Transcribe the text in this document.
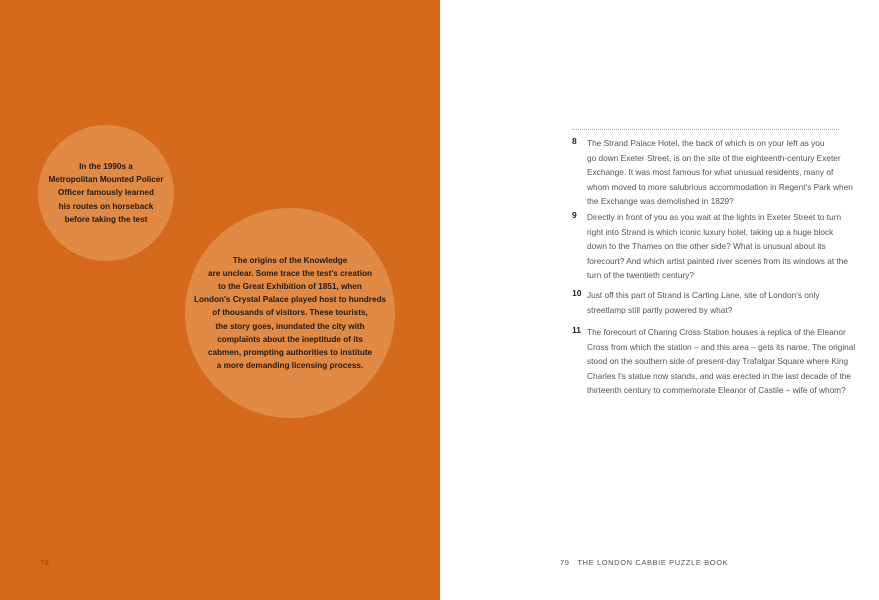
In the 1990s a
Metropolitan Mounted Policer
Officer famously learned
his routes on horseback
before taking the test
The origins of the Knowledge
are unclear. Some trace the test's creation
to the Great Exhibition of 1851, when
London's Crystal Palace played host to hundreds
of thousands of visitors. These tourists,
the story goes, inundated the city with
complaints about the ineptitude of its
cabmen, prompting authorities to institute
a more demanding licensing process.
78
8 The Strand Palace Hotel, the back of which is on your left as you
go down Exeter Street, is on the site of the eighteenth-century Exeter
Exchange. It was most famous for what unusual residents, many of
whom moved to more salubrious accommodation in Regent's Park when
the Exchange was demolished in 1829?
9 Directly in front of you as you wait at the lights in Exeter Street to turn
right into Strand is which iconic luxury hotel, taking up a huge block
down to the Thames on the other side? What is unusual about its
forecourt? And which artist painted river scenes from its windows at the
turn of the twentieth century?
10 Just off this part of Strand is Carting Lane, site of London's only
streetlamp still partly powered by what?
11 The forecourt of Charing Cross Station houses a replica of the Eleanor
Cross from which the station – and this area – gets its name. The original
stood on the southern side of present-day Trafalgar Square where King
Charles I's statue now stands, and was erected in the last decade of the
thirteenth century to commemorate Eleanor of Castile – wife of whom?
79 THE LONDON CABBIE PUZZLE BOOK
